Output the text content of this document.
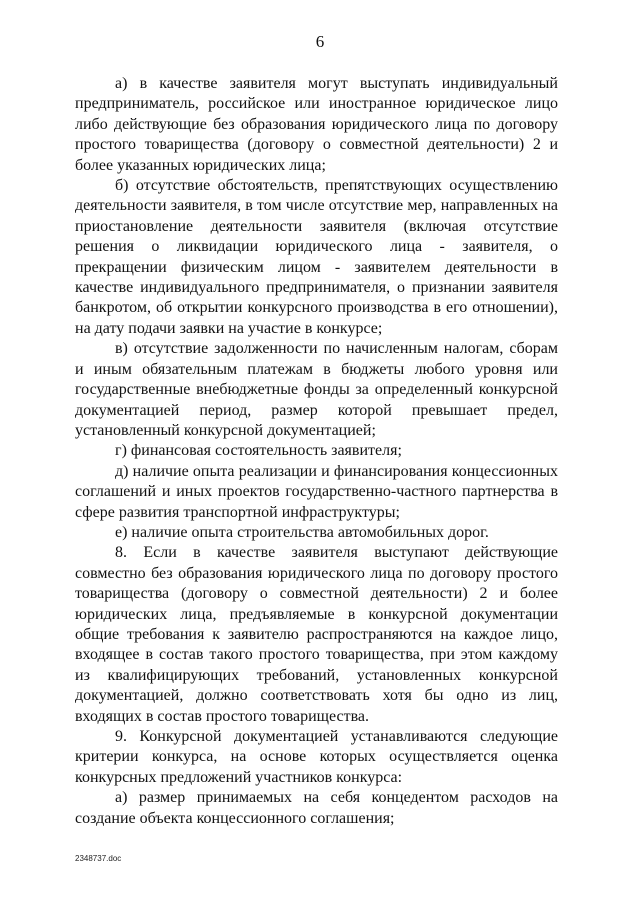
6

а) в качестве заявителя могут выступать индивидуальный предприниматель, российское или иностранное юридическое лицо либо действующие без образования юридического лица по договору простого товарищества (договору о совместной деятельности) 2 и более указанных юридических лица;

б) отсутствие обстоятельств, препятствующих осуществлению деятельности заявителя, в том числе отсутствие мер, направленных на приостановление деятельности заявителя (включая отсутствие решения о ликвидации юридического лица - заявителя, о прекращении физическим лицом - заявителем деятельности в качестве индивидуального предпринимателя, о признании заявителя банкротом, об открытии конкурсного производства в его отношении), на дату подачи заявки на участие в конкурсе;

в) отсутствие задолженности по начисленным налогам, сборам и иным обязательным платежам в бюджеты любого уровня или государственные внебюджетные фонды за определенный конкурсной документацией период, размер которой превышает предел, установленный конкурсной документацией;

г) финансовая состоятельность заявителя;

д) наличие опыта реализации и финансирования концессионных соглашений и иных проектов государственно-частного партнерства в сфере развития транспортной инфраструктуры;

е) наличие опыта строительства автомобильных дорог.

8. Если в качестве заявителя выступают действующие совместно без образования юридического лица по договору простого товарищества (договору о совместной деятельности) 2 и более юридических лица, предъявляемые в конкурсной документации общие требования к заявителю распространяются на каждое лицо, входящее в состав такого простого товарищества, при этом каждому из квалифицирующих требований, установленных конкурсной документацией, должно соответствовать хотя бы одно из лиц, входящих в состав простого товарищества.

9. Конкурсной документацией устанавливаются следующие критерии конкурса, на основе которых осуществляется оценка конкурсных предложений участников конкурса:

а) размер принимаемых на себя концедентом расходов на создание объекта концессионного соглашения;

2348737.doc
